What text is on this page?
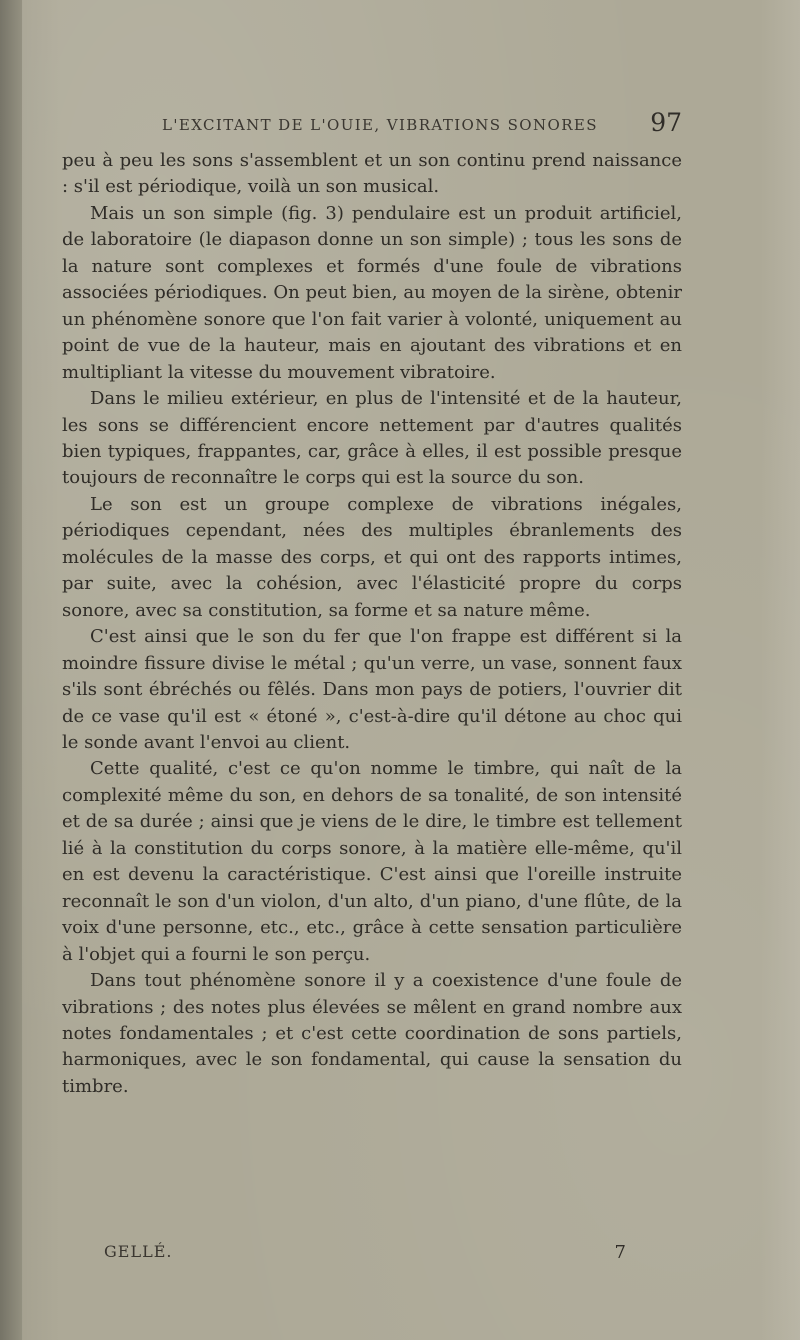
L'EXCITANT DE L'OUIE, VIBRATIONS SONORES 97

peu à peu les sons s'assemblent et un son continu prend naissance : s'il est périodique, voilà un son musical.

Mais un son simple (fig. 3) pendulaire est un produit artificiel, de laboratoire (le diapason donne un son simple) ; tous les sons de la nature sont complexes et formés d'une foule de vibrations associées périodiques. On peut bien, au moyen de la sirène, obtenir un phénomène sonore que l'on fait varier à volonté, uniquement au point de vue de la hauteur, mais en ajoutant des vibrations et en multipliant la vitesse du mouvement vibratoire.

Dans le milieu extérieur, en plus de l'intensité et de la hauteur, les sons se différencient encore nettement par d'autres qualités bien typiques, frappantes, car, grâce à elles, il est possible presque toujours de reconnaître le corps qui est la source du son.

Le son est un groupe complexe de vibrations inégales, périodiques cependant, nées des multiples ébranlements des molécules de la masse des corps, et qui ont des rapports intimes, par suite, avec la cohésion, avec l'élasticité propre du corps sonore, avec sa constitution, sa forme et sa nature même.

C'est ainsi que le son du fer que l'on frappe est différent si la moindre fissure divise le métal ; qu'un verre, un vase, sonnent faux s'ils sont ébréchés ou fêlés. Dans mon pays de potiers, l'ouvrier dit de ce vase qu'il est « étoné », c'est-à-dire qu'il détone au choc qui le sonde avant l'envoi au client.

Cette qualité, c'est ce qu'on nomme le timbre, qui naît de la complexité même du son, en dehors de sa tonalité, de son intensité et de sa durée ; ainsi que je viens de le dire, le timbre est tellement lié à la constitution du corps sonore, à la matière elle-même, qu'il en est devenu la caractéristique. C'est ainsi que l'oreille instruite reconnaît le son d'un violon, d'un alto, d'un piano, d'une flûte, de la voix d'une personne, etc., etc., grâce à cette sensation particulière à l'objet qui a fourni le son perçu.

Dans tout phénomène sonore il y a coexistence d'une foule de vibrations ; des notes plus élevées se mêlent en grand nombre aux notes fondamentales ; et c'est cette coordination de sons partiels, harmoniques, avec le son fondamental, qui cause la sensation du timbre.

GELLÉ.	7
